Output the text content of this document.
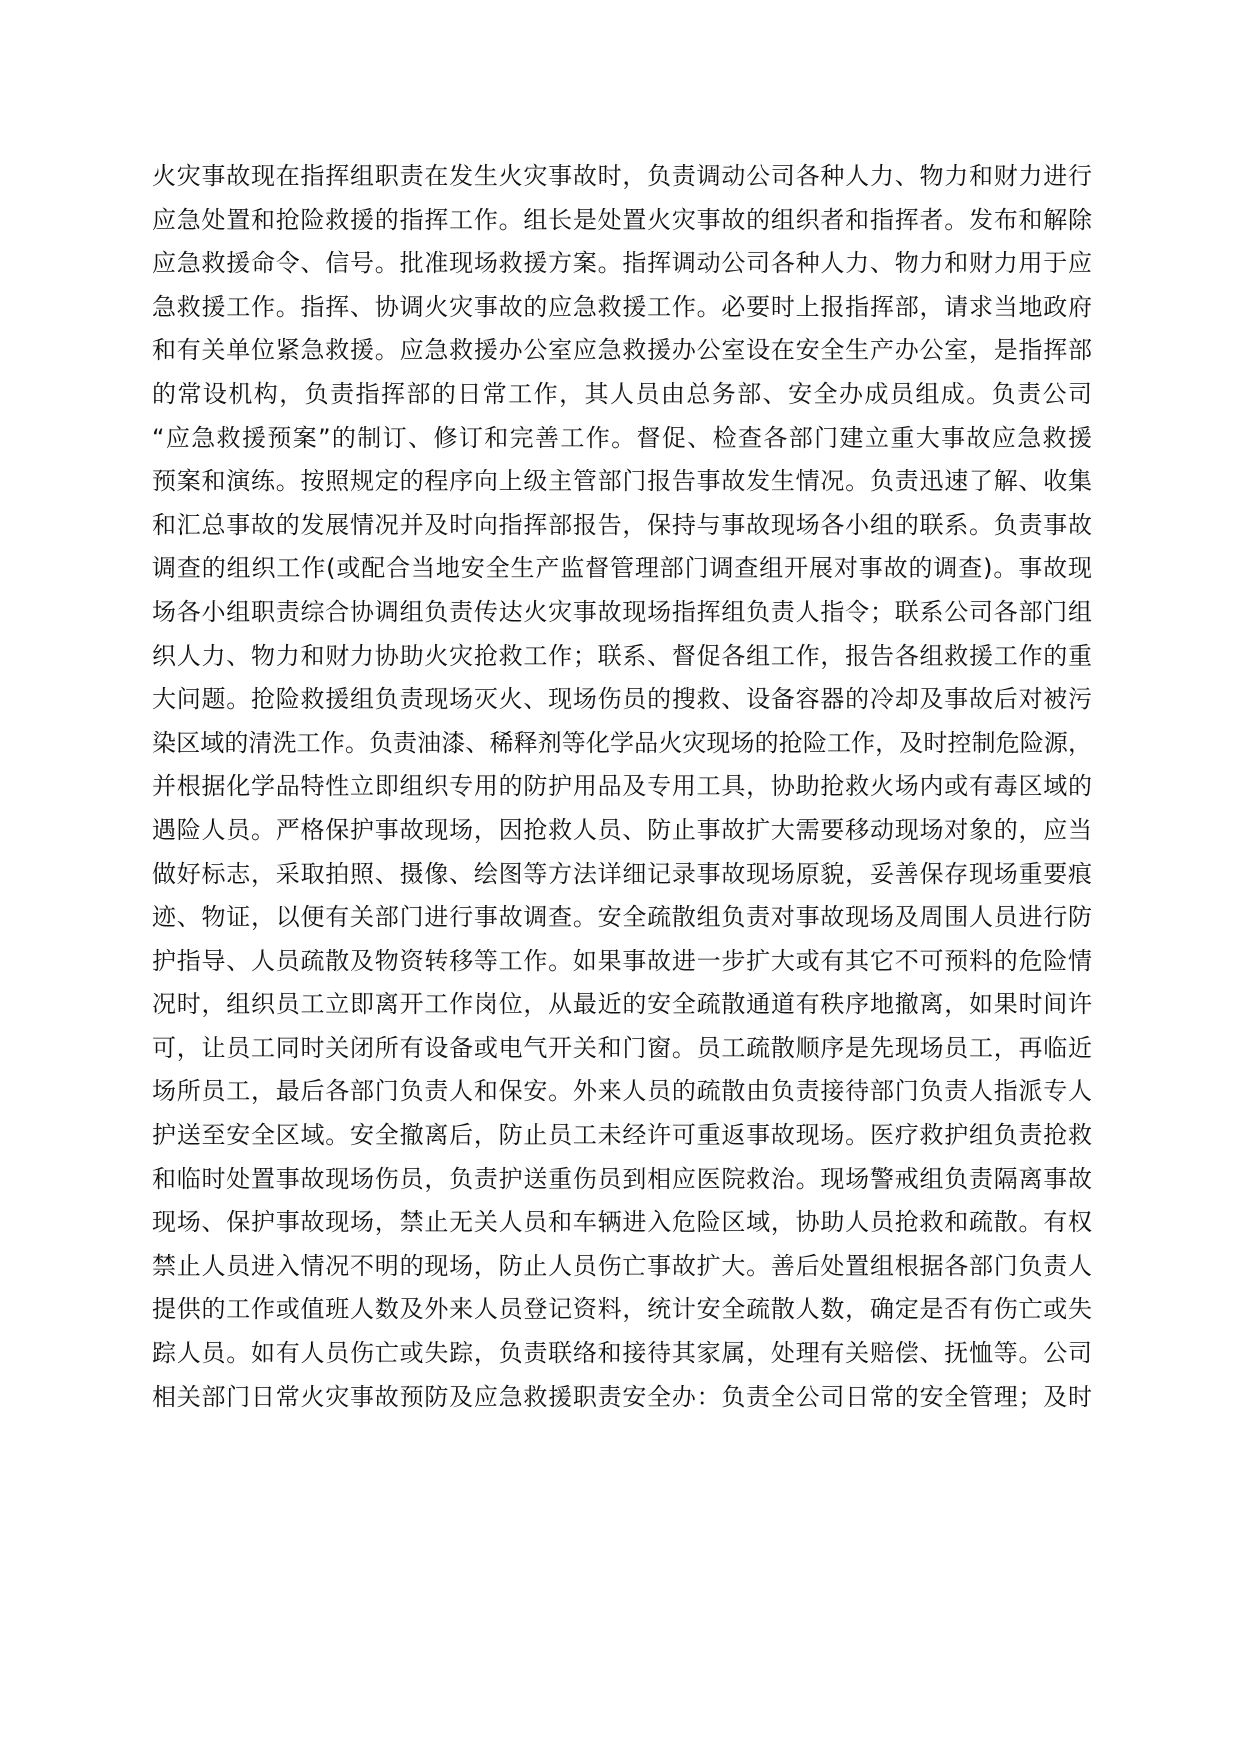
火灾事故现在指挥组职责在发生火灾事故时，负责调动公司各种人力、物力和财力进行
应急处置和抢险救援的指挥工作。组长是处置火灾事故的组织者和指挥者。发布和解除
应急救援命令、信号。批准现场救援方案。指挥调动公司各种人力、物力和财力用于应
急救援工作。指挥、协调火灾事故的应急救援工作。必要时上报指挥部，请求当地政府
和有关单位紧急救援。应急救援办公室应急救援办公室设在安全生产办公室，是指挥部
的常设机构，负责指挥部的日常工作，其人员由总务部、安全办成员组成。负责公司
“应急救援预案”的制订、修订和完善工作。督促、检查各部门建立重大事故应急救援
预案和演练。按照规定的程序向上级主管部门报告事故发生情况。负责迅速了解、收集
和汇总事故的发展情况并及时向指挥部报告，保持与事故现场各小组的联系。负责事故
调查的组织工作(或配合当地安全生产监督管理部门调查组开展对事故的调查)。事故现
场各小组职责综合协调组负责传达火灾事故现场指挥组负责人指令；联系公司各部门组
织人力、物力和财力协助火灾抢救工作；联系、督促各组工作，报告各组救援工作的重
大问题。抢险救援组负责现场灭火、现场伤员的搜救、设备容器的冷却及事故后对被污
染区域的清洗工作。负责油漆、稀释剂等化学品火灾现场的抢险工作，及时控制危险源，
并根据化学品特性立即组织专用的防护用品及专用工具，协助抢救火场内或有毒区域的
遇险人员。严格保护事故现场，因抢救人员、防止事故扩大需要移动现场对象的，应当
做好标志，采取拍照、摄像、绘图等方法详细记录事故现场原貌，妥善保存现场重要痕
迹、物证，以便有关部门进行事故调查。安全疏散组负责对事故现场及周围人员进行防
护指导、人员疏散及物资转移等工作。如果事故进一步扩大或有其它不可预料的危险情
况时，组织员工立即离开工作岗位，从最近的安全疏散通道有秩序地撤离，如果时间许
可，让员工同时关闭所有设备或电气开关和门窗。员工疏散顺序是先现场员工，再临近
场所员工，最后各部门负责人和保安。外来人员的疏散由负责接待部门负责人指派专人
护送至安全区域。安全撤离后，防止员工未经许可重返事故现场。医疗救护组负责抢救
和临时处置事故现场伤员，负责护送重伤员到相应医院救治。现场警戒组负责隔离事故
现场、保护事故现场，禁止无关人员和车辆进入危险区域，协助人员抢救和疏散。有权
禁止人员进入情况不明的现场，防止人员伤亡事故扩大。善后处置组根据各部门负责人
提供的工作或值班人数及外来人员登记资料，统计安全疏散人数，确定是否有伤亡或失
踪人员。如有人员伤亡或失踪，负责联络和接待其家属，处理有关赔偿、抚恤等。公司
相关部门日常火灾事故预防及应急救援职责安全办：负责全公司日常的安全管理；及时
